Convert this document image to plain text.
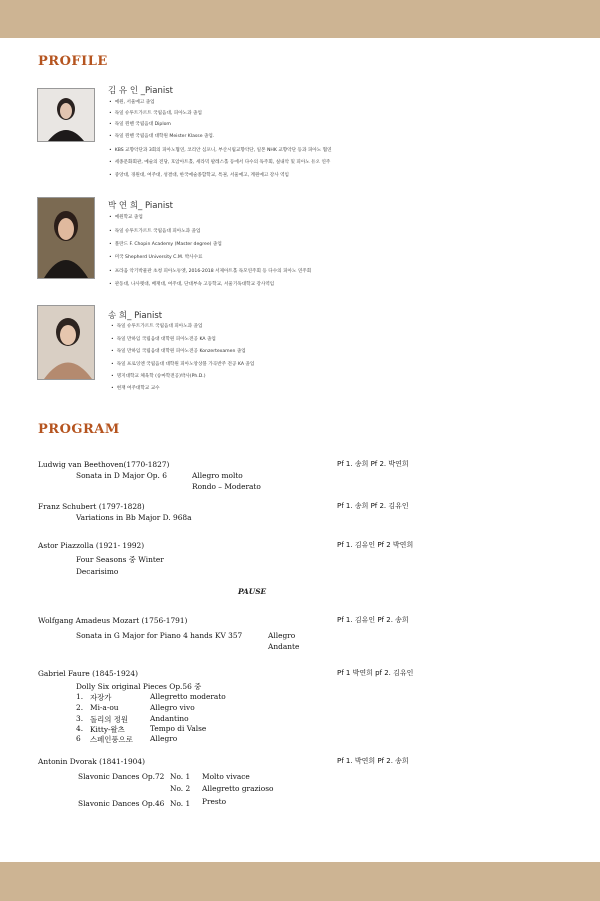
PROFILE
김 유 인 _Pianist
• 예원, 서울예고 졸업
• 독일 슈투트가르트 국립음대, 피아노과 졸업
• 독일 뮌헨 국립음대 Diplom
• 독일 뮌헨 국립음대 대학원 Meister Klasse 졸업.
• KBS 교향악단과 3회의 피아노협연, 코리안 심포니, 부산시립교향악단, 일본 NHK 교향악단 등과 피아노 협연
• 세종문화회관, 예술의 전당, 호암아트홀, 세라믹 팔레스홀 등에서 다수의 독주회, 실내악 및 피아노 듀오 연주
• 중앙대, 경원대, 여주대, 성결대, 한국예술종합학교, 특권, 서울예고, 계원예고 강사 역임
박 연 희_ Pianist
• 예원학교 졸업
• 독일 슈투트가르트 국립음대 피아노과 졸업
• 폴란드 F. Chopin Academy (Master degree) 졸업
• 미국 Shepherd University C.M. 박사수료
• 프라움 악기박물관 초청 피아노듀엣, 2016-2018 서제아트홀 독모연주회 등 다수의 피아노 연주회
• 관동대, 나사렛대, 배재대, 여주대, 단대부속 고등학교, 서울기독대학교 강사역임
송 희_ Pianist
• 독일 슈투트가르트 국립음대 피아노과 졸업
• 독일 만하임 국립음대 대학원 피아노전공 KA 졸업
• 독일 만하임 국립음대 대학원 피아노전공 Konzertexamen 졸업
• 독일 프로잉엔 국립음대 대학원 피아노앙상블 가곡반주 전공 KA 졸업
• 명지대학교 체육학 (승마학전공)박사(Ph.D.)
• 현재 여주대학교 교수
PROGRAM
Ludwig van Beethoven(1770-1827)	Pf 1. 송희 Pf 2. 박연희
Sonata in D Major Op. 6	Allegro molto
Rondo – Moderato
Franz Schubert (1797-1828)	Pf 1. 송희 Pf 2. 김유인
Variations in Bb Major D. 968a
Astor Piazzolla (1921- 1992)	Pf 1. 김유인 Pf 2 박연희
Four Seasons 중 Winter
Decarisimo
PAUSE
Wolfgang Amadeus Mozart (1756-1791)	Pf 1. 김유인 Pf 2. 송희
Sonata in G Major for Piano 4 hands KV 357	Allegro
Andante
Gabriel Faure (1845-1924)	Pf 1 박연희 pf 2. 김유인
Dolly Six original Pieces Op.56 중
1. 자장가	Allegretto moderato
2. Mi-a-ou	Allegro vivo
3. 돌리의 정원	Andantino
4. Kitty-왈츠	Tempo di Valse
6 스페인풍으로 Allegro
Antonin Dvorak (1841-1904)	Pf 1. 박연희 Pf 2. 송희
Slavonic Dances Op.72 No. 1 Molto vivace
No. 2 Allegretto grazioso
Slavonic Dances Op.46 No. 1 Presto
